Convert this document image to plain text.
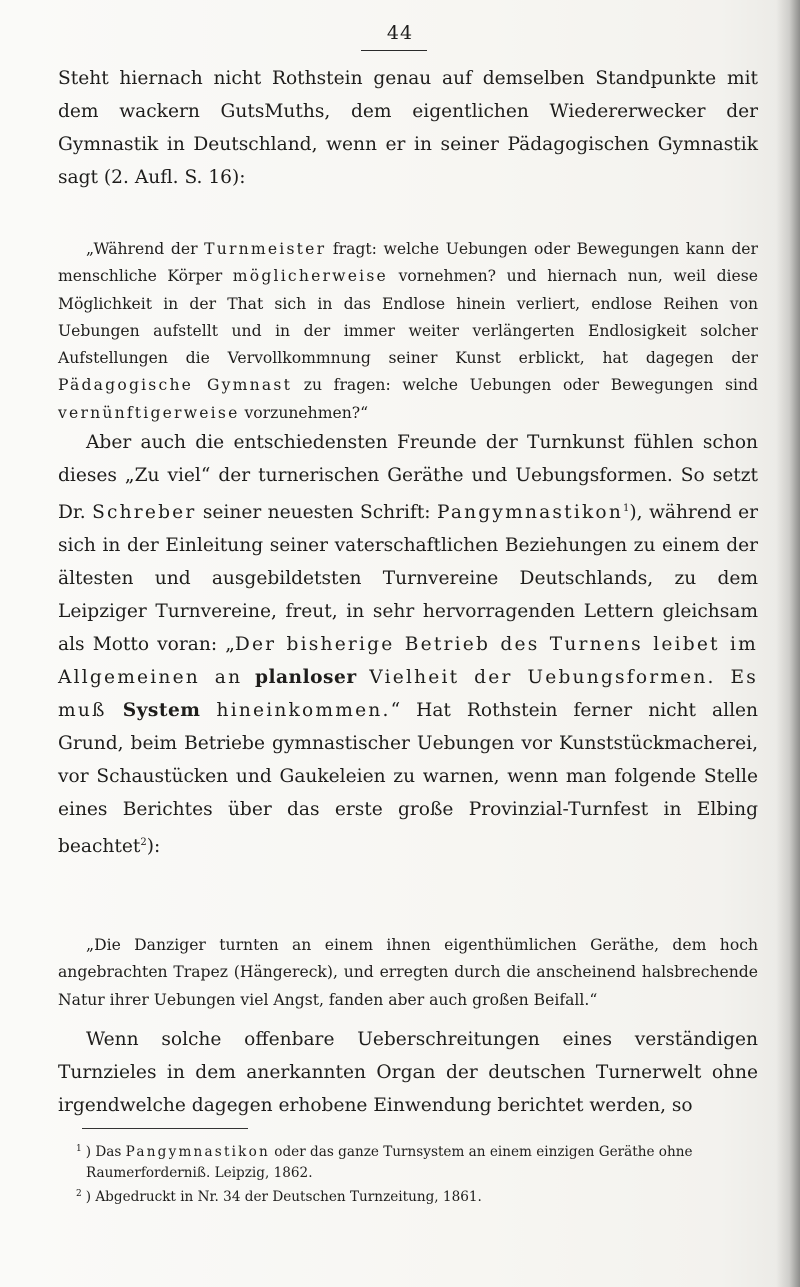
44

Steht hiernach nicht Rothstein genau auf demselben Standpunkte mit dem wackern GutsMuths, dem eigentlichen Wiedererwecker der Gymnastik in Deutschland, wenn er in seiner Pädagogischen Gymnastik sagt (2. Aufl. S. 16):

„Während der Turnmeister fragt: welche Uebungen oder Bewegungen kann der menschliche Körper möglicherweise vornehmen? und hiernach nun, weil diese Möglichkeit in der That sich in das Endlose hinein verliert, endlose Reihen von Uebungen aufstellt und in der immer weiter verlängerten Endlosigkeit solcher Aufstellungen die Vervollkommnung seiner Kunst erblickt, hat dagegen der Pädagogische Gymnast zu fragen: welche Uebungen oder Bewegungen sind vernünftigerweise vorzunehmen?“

Aber auch die entschiedensten Freunde der Turnkunst fühlen schon dieses „Zu viel“ der turnerischen Geräthe und Uebungsformen. So setzt Dr. Schreber seiner neuesten Schrift: Pangymnastikon$^1$), während er sich in der Einleitung seiner vaterschaftlichen Beziehungen zu einem der ältesten und ausgebildetsten Turnvereine Deutschlands, zu dem Leipziger Turnvereine, freut, in sehr hervorragenden Lettern gleichsam als Motto voran: „Der bisherige Betrieb des Turnens leibet im Allgemeinen an planloser Vielheit der Uebungsformen. Es muß System hineinkommen.“ Hat Rothstein ferner nicht allen Grund, beim Betriebe gymnastischer Uebungen vor Kunststückmacherei, vor Schaustücken und Gaukeleien zu warnen, wenn man folgende Stelle eines Berichtes über das erste große Provinzial-Turnfest in Elbing beachtet$^2$):

„Die Danziger turnten an einem ihnen eigenthümlichen Geräthe, dem hoch angebrachten Trapez (Hängereck), und erregten durch die anscheinend halsbrechende Natur ihrer Uebungen viel Angst, fanden aber auch großen Beifall.“

Wenn solche offenbare Ueberschreitungen eines verständigen Turnzieles in dem anerkannten Organ der deutschen Turnerwelt ohne irgendwelche dagegen erhobene Einwendung berichtet werden, so

$^1$ ) Das Pangymnastikon oder das ganze Turnsystem an einem einzigen Geräthe ohne Raumerforderniß. Leipzig, 1862.
$^2$ ) Abgedruckt in Nr. 34 der Deutschen Turnzeitung, 1861.
